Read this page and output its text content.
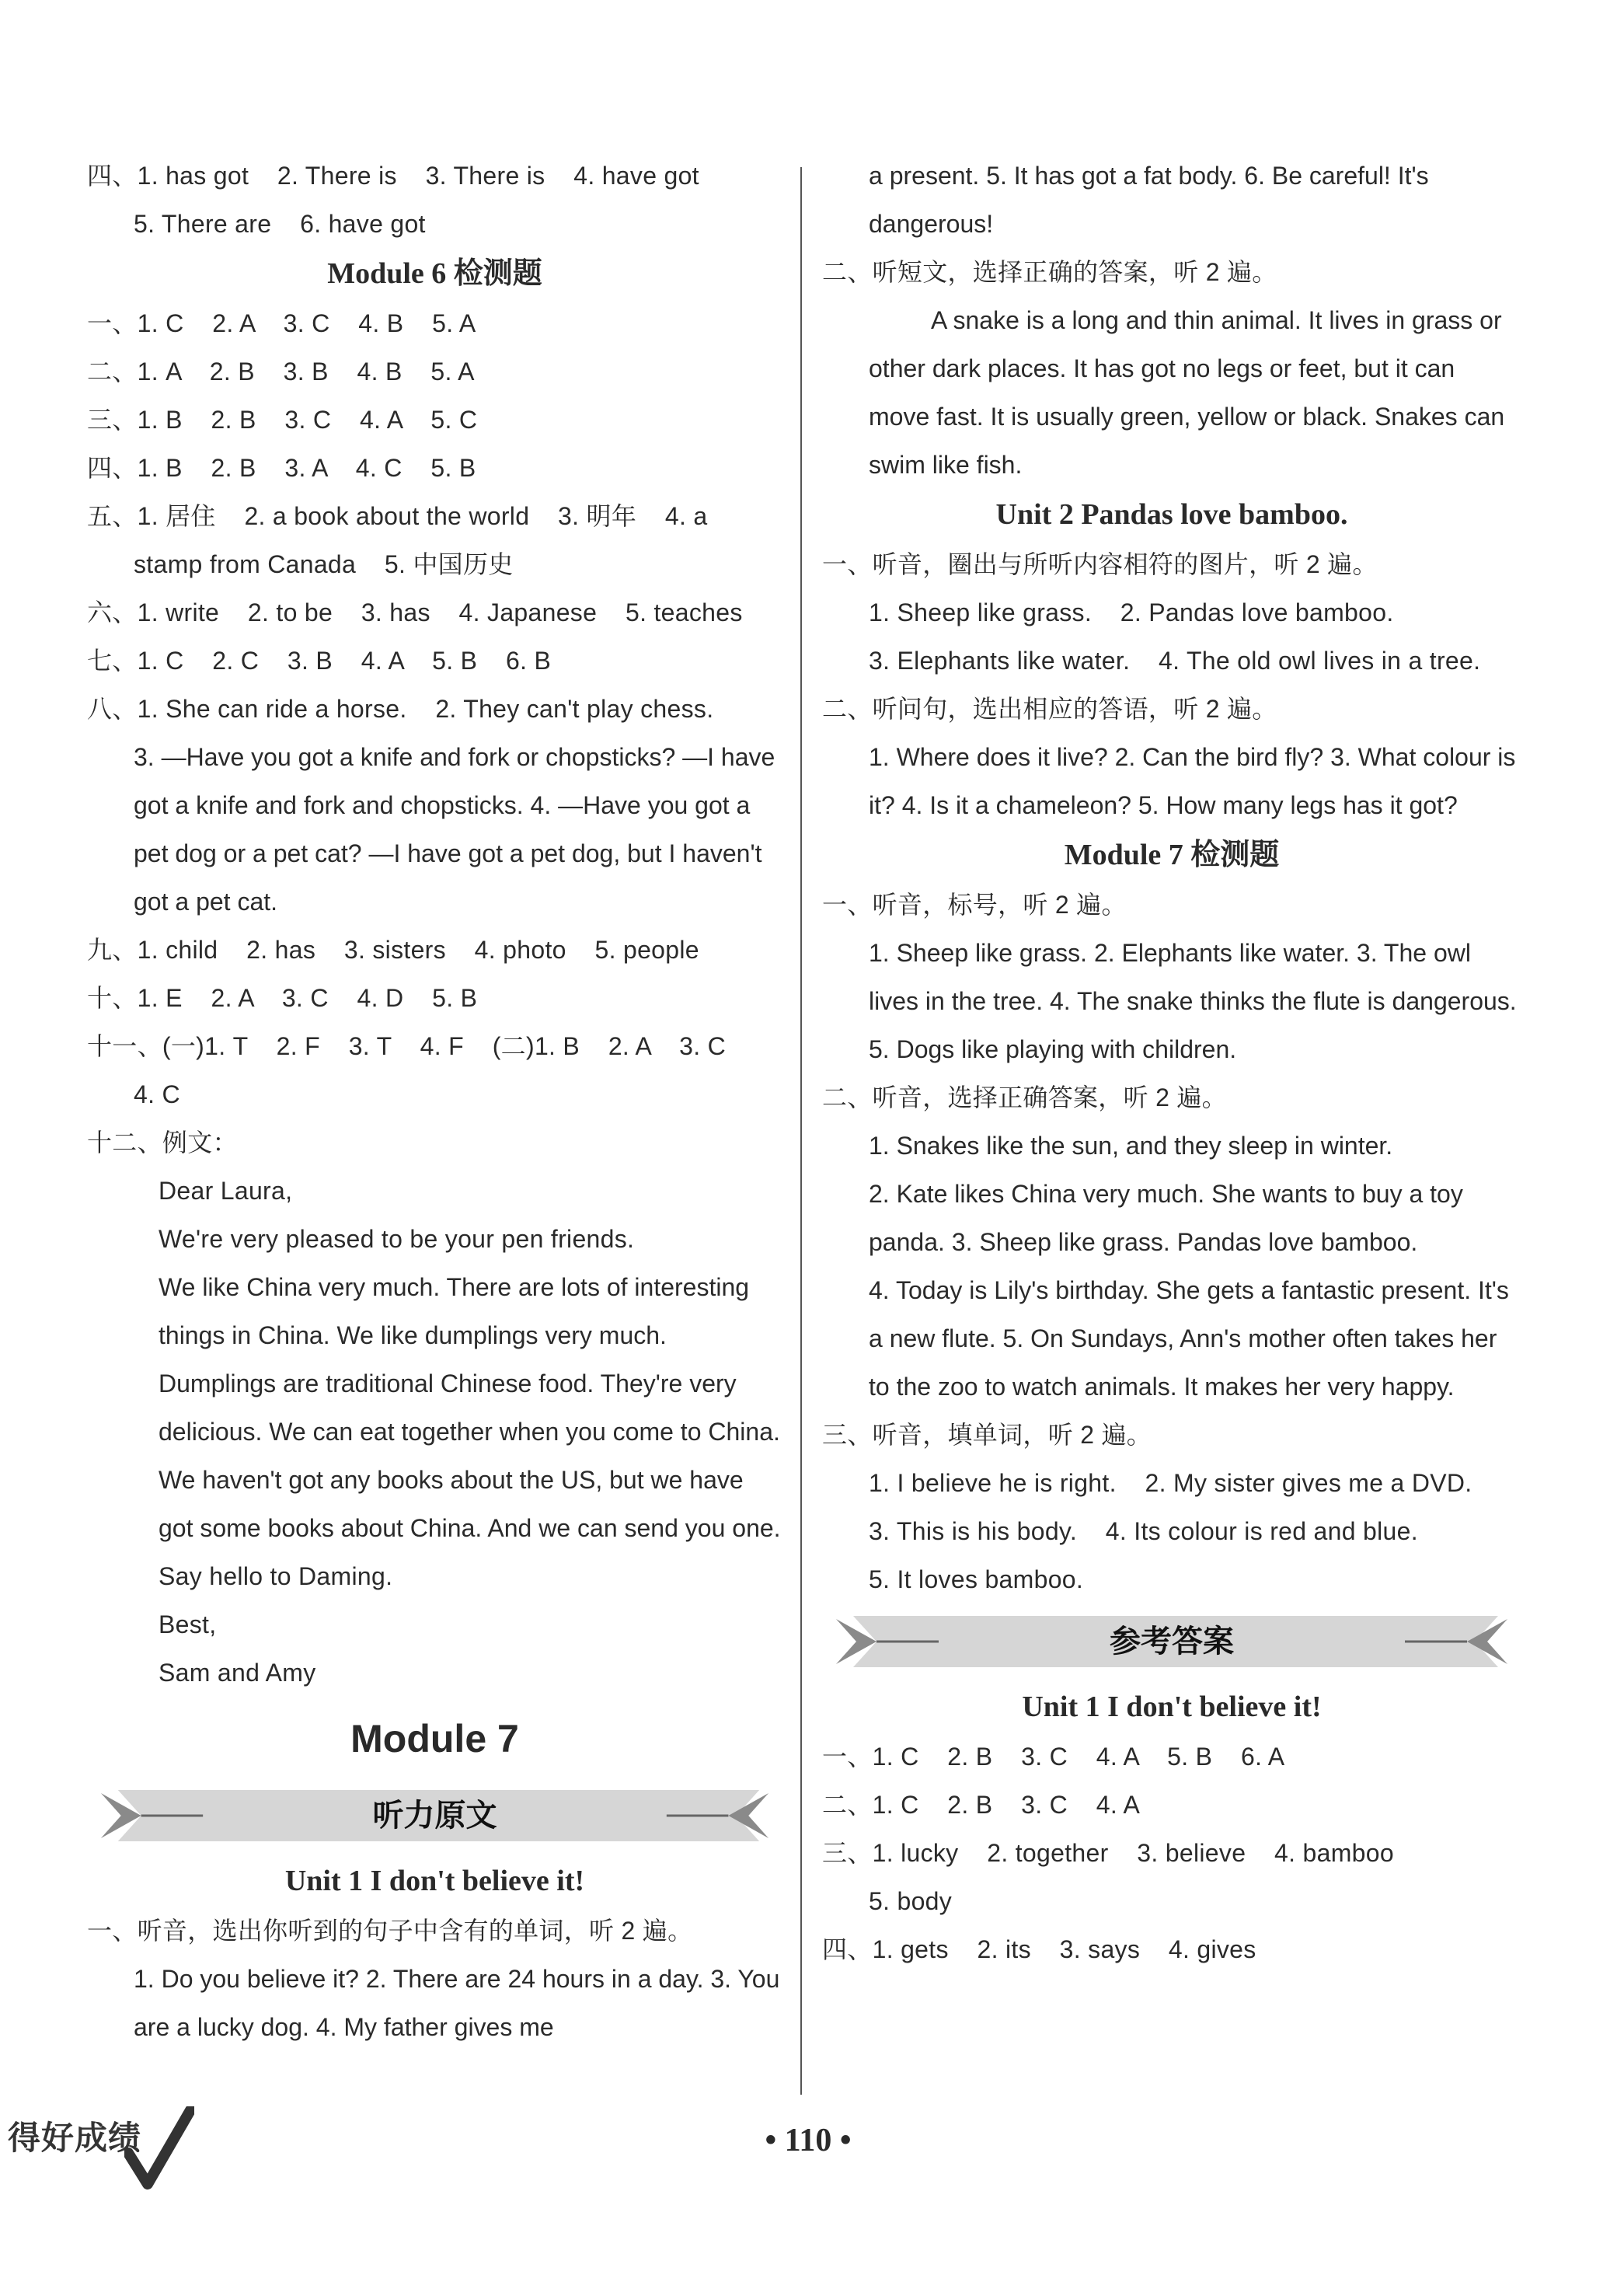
四、1. has got    2. There is    3. There is    4. have got
5. There are    6. have got
Module 6 检测题
一、1. C    2. A    3. C    4. B    5. A
二、1. A    2. B    3. B    4. B    5. A
三、1. B    2. B    3. C    4. A    5. C
四、1. B    2. B    3. A    4. C    5. B
五、1. 居住    2. a book about the world    3. 明年    4. a
stamp from Canada    5. 中国历史
六、1. write    2. to be    3. has    4. Japanese    5. teaches
七、1. C    2. C    3. B    4. A    5. B    6. B
八、1. She can ride a horse.    2. They can't play chess.
3. —Have you got a knife and fork or chopsticks? —I have got a knife and fork and chopsticks. 4. —Have you got a pet dog or a pet cat? —I have got a pet dog, but I haven't got a pet cat.
九、1. child    2. has    3. sisters    4. photo    5. people
十、1. E    2. A    3. C    4. D    5. B
十一、(一)1. T    2. F    3. T    4. F    (二)1. B    2. A    3. C
4. C
十二、例文：
Dear Laura,
We're very pleased to be your pen friends.
We like China very much. There are lots of interesting things in China. We like dumplings very much. Dumplings are traditional Chinese food. They're very delicious. We can eat together when you come to China. We haven't got any books about the US, but we have got some books about China. And we can send you one.
Say hello to Daming.
Best,
Sam and Amy
Module 7
听力原文
Unit 1 I don't believe it!
一、听音，选出你听到的句子中含有的单词，听 2 遍。
1. Do you believe it? 2. There are 24 hours in a day. 3. You are a lucky dog. 4. My father gives me
a present. 5. It has got a fat body. 6. Be careful! It's dangerous!
二、听短文，选择正确的答案，听 2 遍。
A snake is a long and thin animal. It lives in grass or other dark places. It has got no legs or feet, but it can move fast. It is usually green, yellow or black. Snakes can swim like fish.
Unit 2 Pandas love bamboo.
一、听音，圈出与所听内容相符的图片，听 2 遍。
1. Sheep like grass.    2. Pandas love bamboo.
3. Elephants like water.    4. The old owl lives in a tree.
二、听问句，选出相应的答语，听 2 遍。
1. Where does it live? 2. Can the bird fly? 3. What colour is it? 4. Is it a chameleon? 5. How many legs has it got?
Module 7 检测题
一、听音，标号，听 2 遍。
1. Sheep like grass. 2. Elephants like water. 3. The owl lives in the tree. 4. The snake thinks the flute is dangerous. 5. Dogs like playing with children.
二、听音，选择正确答案，听 2 遍。
1. Snakes like the sun, and they sleep in winter.
2. Kate likes China very much. She wants to buy a toy panda. 3. Sheep like grass. Pandas love bamboo.
4. Today is Lily's birthday. She gets a fantastic present. It's a new flute. 5. On Sundays, Ann's mother often takes her to the zoo to watch animals. It makes her very happy.
三、听音，填单词，听 2 遍。
1. I believe he is right.    2. My sister gives me a DVD.
3. This is his body.    4. Its colour is red and blue.
5. It loves bamboo.
参考答案
Unit 1 I don't believe it!
一、1. C    2. B    3. C    4. A    5. B    6. A
二、1. C    2. B    3. C    4. A
三、1. lucky    2. together    3. believe    4. bamboo
5. body
四、1. gets    2. its    3. says    4. gives
得好成绩	• 110 •
